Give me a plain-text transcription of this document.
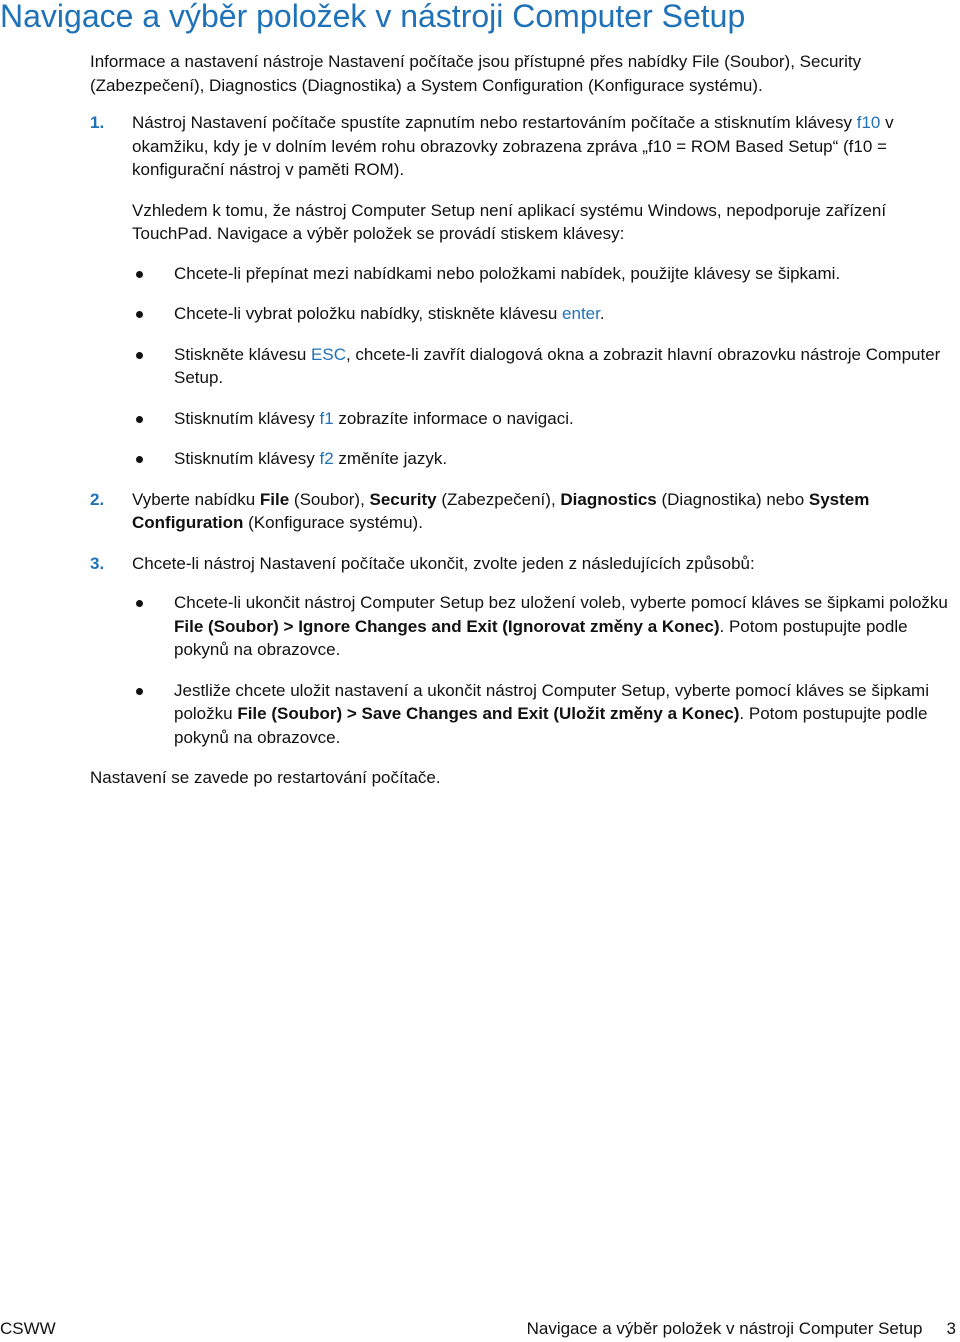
Navigace a výběr položek v nástroji Computer Setup

Informace a nastavení nástroje Nastavení počítače jsou přístupné přes nabídky File (Soubor), Security (Zabezpečení), Diagnostics (Diagnostika) a System Configuration (Konfigurace systému).

1. Nástroj Nastavení počítače spustíte zapnutím nebo restartováním počítače a stisknutím klávesy f10 v okamžiku, kdy je v dolním levém rohu obrazovky zobrazena zpráva „f10 = ROM Based Setup“ (f10 = konfigurační nástroj v paměti ROM).

Vzhledem k tomu, že nástroj Computer Setup není aplikací systému Windows, nepodporuje zařízení TouchPad. Navigace a výběr položek se provádí stiskem klávesy:

Chcete-li přepínat mezi nabídkami nebo položkami nabídek, použijte klávesy se šipkami.
Chcete-li vybrat položku nabídky, stiskněte klávesu enter.
Stiskněte klávesu ESC, chcete-li zavřít dialogová okna a zobrazit hlavní obrazovku nástroje Computer Setup.
Stisknutím klávesy f1 zobrazíte informace o navigaci.
Stisknutím klávesy f2 změníte jazyk.
2. Vyberte nabídku File (Soubor), Security (Zabezpečení), Diagnostics (Diagnostika) nebo System Configuration (Konfigurace systému).

3. Chcete-li nástroj Nastavení počítače ukončit, zvolte jeden z následujících způsobů:

Chcete-li ukončit nástroj Computer Setup bez uložení voleb, vyberte pomocí kláves se šipkami položku File (Soubor) > Ignore Changes and Exit (Ignorovat změny a Konec). Potom postupujte podle pokynů na obrazovce.
Jestliže chcete uložit nastavení a ukončit nástroj Computer Setup, vyberte pomocí kláves se šipkami položku File (Soubor) > Save Changes and Exit (Uložit změny a Konec). Potom postupujte podle pokynů na obrazovce.

Nastavení se zavede po restartování počítače.

CSWW	Navigace a výběr položek v nástroji Computer Setup 3
